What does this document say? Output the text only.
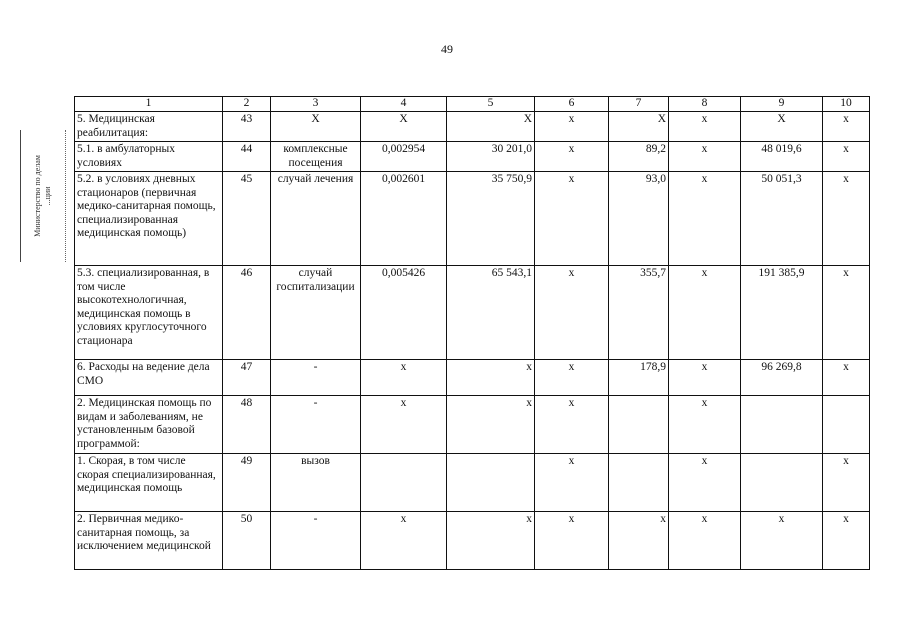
49
Министерство по делам
...ции
1	2	3	4	5	6	7	8	9	10
5. Медицинская реабилитация:	43	Х	Х	Х	х	Х	х	Х	х
5.1. в амбулаторных условиях	44	комплексные посещения	0,002954	30 201,0	х	89,2	х	48 019,6	х
5.2. в условиях дневных стационаров (первичная медико-санитарная помощь, специализированная медицинская помощь)	45	случай лечения	0,002601	35 750,9	х	93,0	х	50 051,3	х
5.3. специализированная, в том числе высокотехнологичная, медицинская помощь в условиях круглосуточного стационара	46	случай госпитализации	0,005426	65 543,1	х	355,7	х	191 385,9	х
6. Расходы на ведение дела СМО	47	-	х	х	х	178,9	х	96 269,8	х
2. Медицинская помощь по видам и заболеваниям, не установленным базовой программой:	48	-	х	х	х		х		
1. Скорая, в том числе скорая специализированная, медицинская помощь	49	вызов			х		х		х
2. Первичная медико-санитарная помощь, за исключением медицинской	50	-	х	х	х	х	х	х	х
